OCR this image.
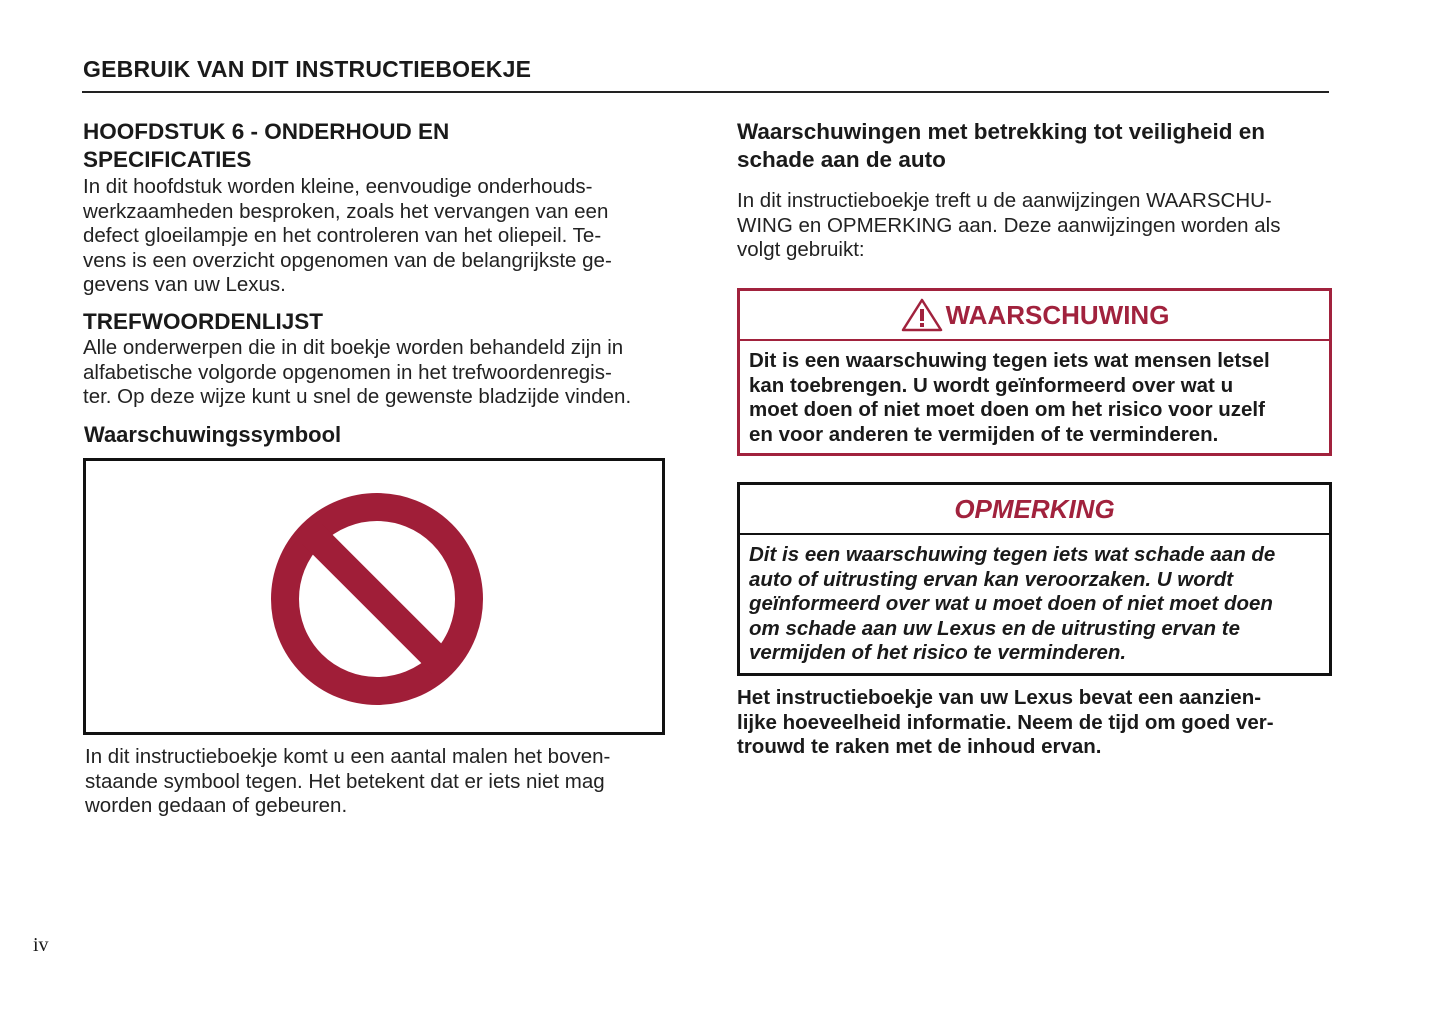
GEBRUIK VAN DIT INSTRUCTIEBOEKJE
HOOFDSTUK 6 - ONDERHOUD EN
SPECIFICATIES
In dit hoofdstuk worden kleine, eenvoudige onderhouds-
werkzaamheden besproken, zoals het vervangen van een
defect gloeilampje en het controleren van het oliepeil. Te-
vens is een overzicht opgenomen van de belangrijkste ge-
gevens van uw Lexus.
TREFWOORDENLIJST
Alle onderwerpen die in dit boekje worden behandeld zijn in
alfabetische volgorde opgenomen in het trefwoordenregis-
ter. Op deze wijze kunt u snel de gewenste bladzijde vinden.
Waarschuwingssymbool
In dit instructieboekje komt u een aantal malen het boven-
staande symbool tegen. Het betekent dat er iets niet mag
worden gedaan of gebeuren.
Waarschuwingen met betrekking tot veiligheid en
schade aan de auto
In dit instructieboekje treft u de aanwijzingen WAARSCHU-
WING en OPMERKING aan. Deze aanwijzingen worden als
volgt gebruikt:
WAARSCHUWING
Dit is een waarschuwing tegen iets wat mensen letsel
kan toebrengen. U wordt geïnformeerd over wat u
moet doen of niet moet doen om het risico voor uzelf
en voor anderen te vermijden of te verminderen.
OPMERKING
Dit is een waarschuwing tegen iets wat schade aan de
auto of uitrusting ervan kan veroorzaken. U wordt
geïnformeerd over wat u moet doen of niet moet doen
om schade aan uw Lexus en de uitrusting ervan te
vermijden of het risico te verminderen.
Het instructieboekje van uw Lexus bevat een aanzien-
lijke hoeveelheid informatie. Neem de tijd om goed ver-
trouwd te raken met de inhoud ervan.
iv
